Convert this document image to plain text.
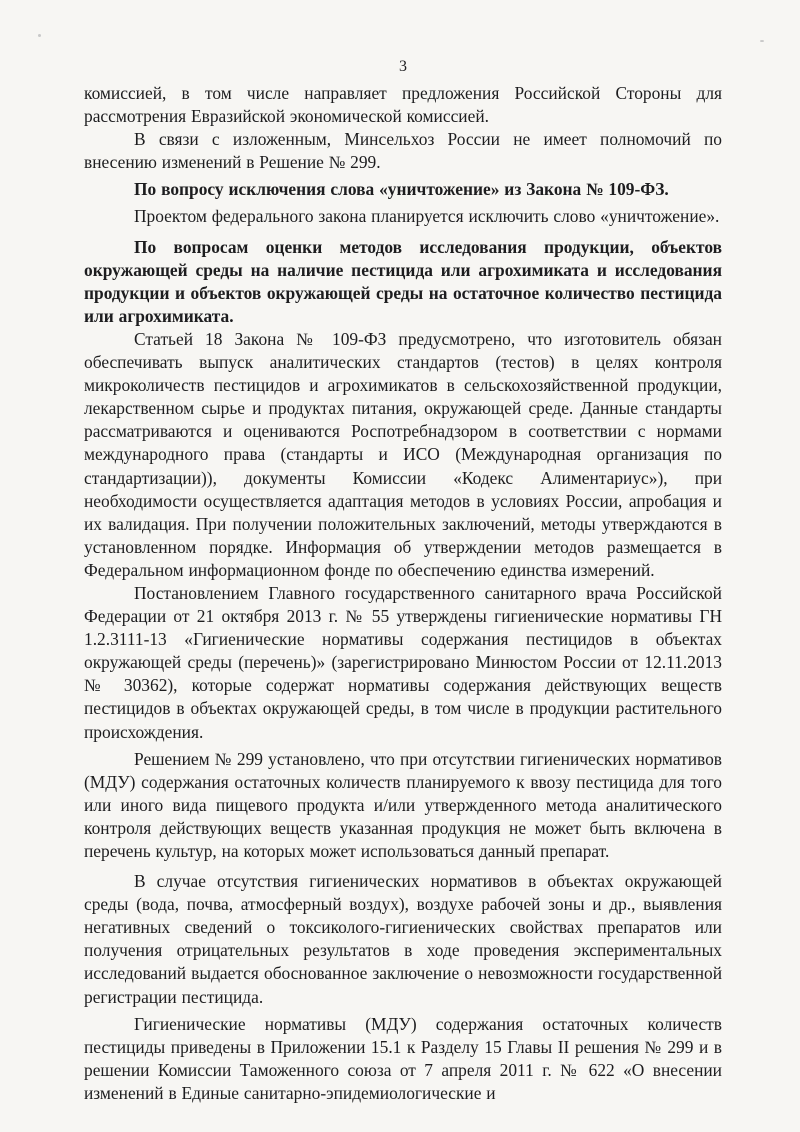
3

комиссией, в том числе направляет предложения Российской Стороны для рассмотрения Евразийской экономической комиссией.

В связи с изложенным, Минсельхоз России не имеет полномочий по внесению изменений в Решение № 299.

По вопросу исключения слова «уничтожение» из Закона № 109-ФЗ.

Проектом федерального закона планируется исключить слово «уничтожение».

По вопросам оценки методов исследования продукции, объектов окружающей среды на наличие пестицида или агрохимиката и исследования продукции и объектов окружающей среды на остаточное количество пестицида или агрохимиката.

Статьей 18 Закона № 109-ФЗ предусмотрено, что изготовитель обязан обеспечивать выпуск аналитических стандартов (тестов) в целях контроля микроколичеств пестицидов и агрохимикатов в сельскохозяйственной продукции, лекарственном сырье и продуктах питания, окружающей среде. Данные стандарты рассматриваются и оцениваются Роспотребнадзором в соответствии с нормами международного права (стандарты и ИСО (Международная организация по стандартизации)), документы Комиссии «Кодекс Алиментариус»), при необходимости осуществляется адаптация методов в условиях России, апробация и их валидация. При получении положительных заключений, методы утверждаются в установленном порядке. Информация об утверждении методов размещается в Федеральном информационном фонде по обеспечению единства измерений.

Постановлением Главного государственного санитарного врача Российской Федерации от 21 октября 2013 г. № 55 утверждены гигиенические нормативы ГН 1.2.3111-13 «Гигиенические нормативы содержания пестицидов в объектах окружающей среды (перечень)» (зарегистрировано Минюстом России от 12.11.2013 № 30362), которые содержат нормативы содержания действующих веществ пестицидов в объектах окружающей среды, в том числе в продукции растительного происхождения.

Решением № 299 установлено, что при отсутствии гигиенических нормативов (МДУ) содержания остаточных количеств планируемого к ввозу пестицида для того или иного вида пищевого продукта и/или утвержденного метода аналитического контроля действующих веществ указанная продукция не может быть включена в перечень культур, на которых может использоваться данный препарат.

В случае отсутствия гигиенических нормативов в объектах окружающей среды (вода, почва, атмосферный воздух), воздухе рабочей зоны и др., выявления негативных сведений о токсиколого-гигиенических свойствах препаратов или получения отрицательных результатов в ходе проведения экспериментальных исследований выдается обоснованное заключение о невозможности государственной регистрации пестицида.

Гигиенические нормативы (МДУ) содержания остаточных количеств пестициды приведены в Приложении 15.1 к Разделу 15 Главы II решения № 299 и в решении Комиссии Таможенного союза от 7 апреля 2011 г. № 622 «О внесении изменений в Единые санитарно-эпидемиологические и
